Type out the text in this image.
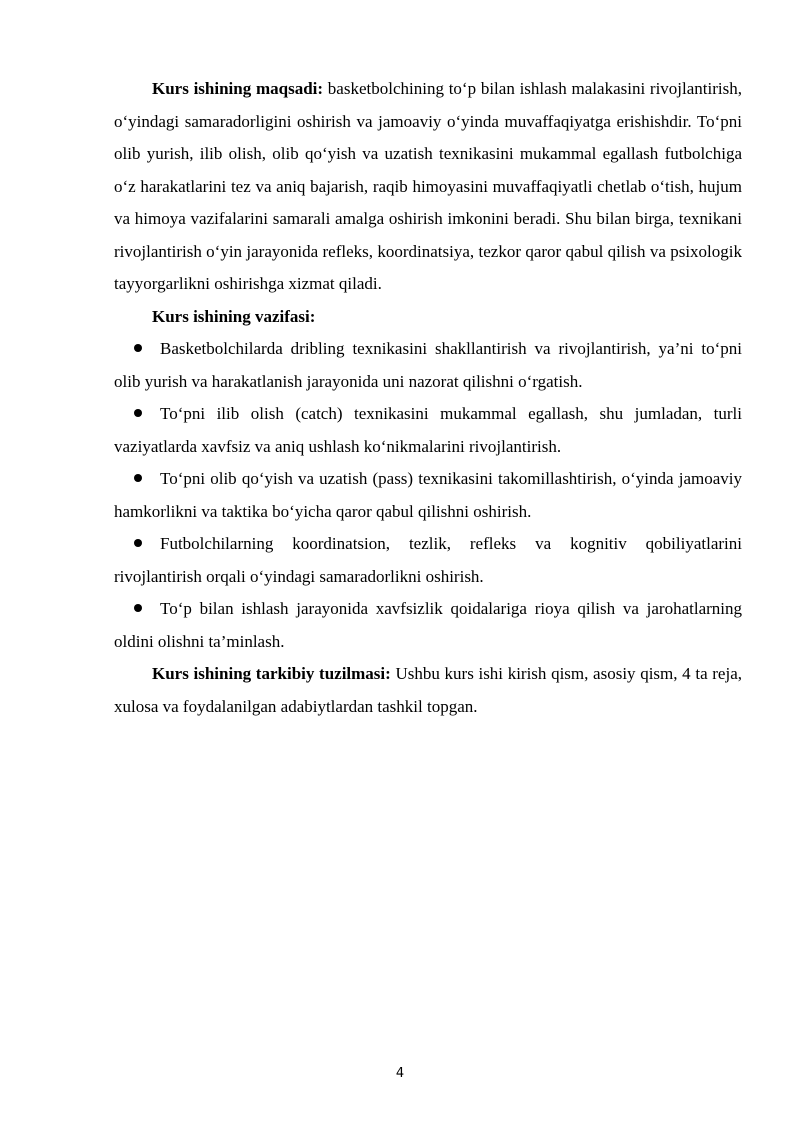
Kurs ishining maqsadi: basketbolchining to‘p bilan ishlash malakasini rivojlantirish, o‘yindagi samaradorligini oshirish va jamoaviy o‘yinda muvaffaqiyatga erishishdir. To‘pni olib yurish, ilib olish, olib qo‘yish va uzatish texnikasini mukammal egallash futbolchiga o‘z harakatlarini tez va aniq bajarish, raqib himoyasini muvaffaqiyatli chetlab o‘tish, hujum va himoya vazifalarini samarali amalga oshirish imkonini beradi. Shu bilan birga, texnikani rivojlantirish o‘yin jarayonida refleks, koordinatsiya, tezkor qaror qabul qilish va psixologik tayyorgarlikni oshirishga xizmat qiladi.

Kurs ishining vazifasi:

Basketbolchilarda dribling texnikasini shakllantirish va rivojlantirish, ya’ni to‘pni olib yurish va harakatlanish jarayonida uni nazorat qilishni o‘rgatish.
To‘pni ilib olish (catch) texnikasini mukammal egallash, shu jumladan, turli vaziyatlarda xavfsiz va aniq ushlash ko‘nikmalarini rivojlantirish.
To‘pni olib qo‘yish va uzatish (pass) texnikasini takomillashtirish, o‘yinda jamoaviy hamkorlikni va taktika bo‘yicha qaror qabul qilishni oshirish.
Futbolchilarning koordinatsion, tezlik, refleks va kognitiv qobiliyatlarini rivojlantirish orqali o‘yindagi samaradorlikni oshirish.
To‘p bilan ishlash jarayonida xavfsizlik qoidalariga rioya qilish va jarohatlarning oldini olishni ta’minlash.

Kurs ishining tarkibiy tuzilmasi: Ushbu kurs ishi kirish qism, asosiy qism, 4 ta reja, xulosa va foydalanilgan adabiytlardan tashkil topgan.

4
